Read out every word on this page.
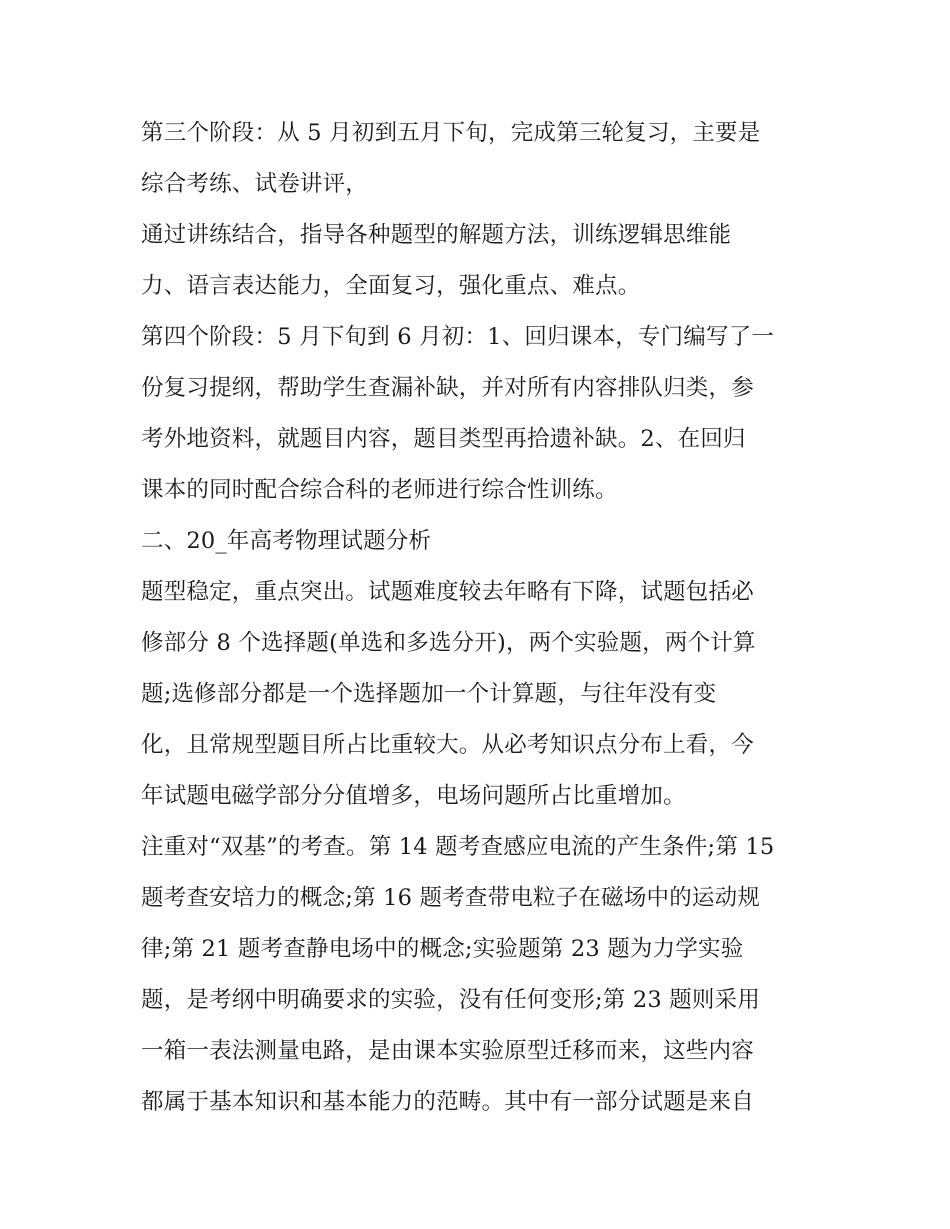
第三个阶段：从 5 月初到五月下旬，完成第三轮复习，主要是
综合考练、试卷讲评，
通过讲练结合，指导各种题型的解题方法，训练逻辑思维能
力、语言表达能力，全面复习，强化重点、难点。
第四个阶段：5 月下旬到 6 月初：1、回归课本，专门编写了一
份复习提纲，帮助学生查漏补缺，并对所有内容排队归类，参
考外地资料，就题目内容，题目类型再拾遗补缺。2、在回归
课本的同时配合综合科的老师进行综合性训练。
二、20_年高考物理试题分析
题型稳定，重点突出。试题难度较去年略有下降，试题包括必
修部分 8 个选择题(单选和多选分开)，两个实验题，两个计算
题;选修部分都是一个选择题加一个计算题，与往年没有变
化，且常规型题目所占比重较大。从必考知识点分布上看，今
年试题电磁学部分分值增多，电场问题所占比重增加。
注重对“双基”的考查。第 14 题考查感应电流的产生条件;第 15
题考查安培力的概念;第 16 题考查带电粒子在磁场中的运动规
律;第 21 题考查静电场中的概念;实验题第 23 题为力学实验
题，是考纲中明确要求的实验，没有任何变形;第 23 题则采用
一箱一表法测量电路，是由课本实验原型迁移而来，这些内容
都属于基本知识和基本能力的范畴。其中有一部分试题是来自
